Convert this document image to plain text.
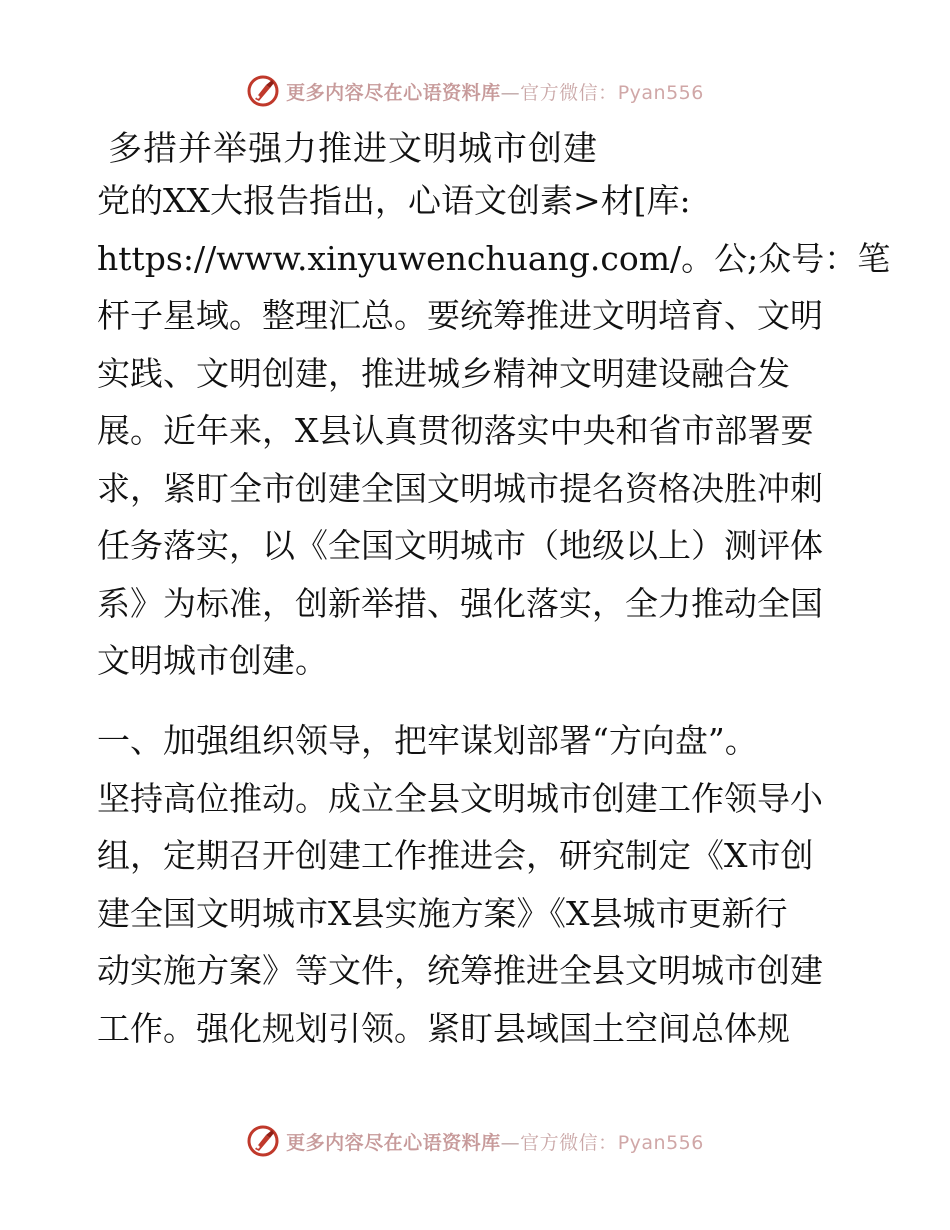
更多内容尽在心语资料库—官方微信：Pyan556
多措并举强力推进文明城市创建
党的XX大报告指出，心语文创素>材[库:
https://www.xinyuwenchuang.com/。公;众号：笔
杆子星域。整理汇总。要统筹推进文明培育、文明
实践、文明创建，推进城乡精神文明建设融合发
展。近年来，X县认真贯彻落实中央和省市部署要
求，紧盯全市创建全国文明城市提名资格决胜冲刺
任务落实，以《全国文明城市（地级以上）测评体
系》为标准，创新举措、强化落实，全力推动全国
文明城市创建。
一、加强组织领导，把牢谋划部署“方向盘”。
坚持高位推动。成立全县文明城市创建工作领导小
组，定期召开创建工作推进会，研究制定《X市创
建全国文明城市X县实施方案》《X县城市更新行
动实施方案》等文件，统筹推进全县文明城市创建
工作。强化规划引领。紧盯县域国土空间总体规
更多内容尽在心语资料库—官方微信：Pyan556
